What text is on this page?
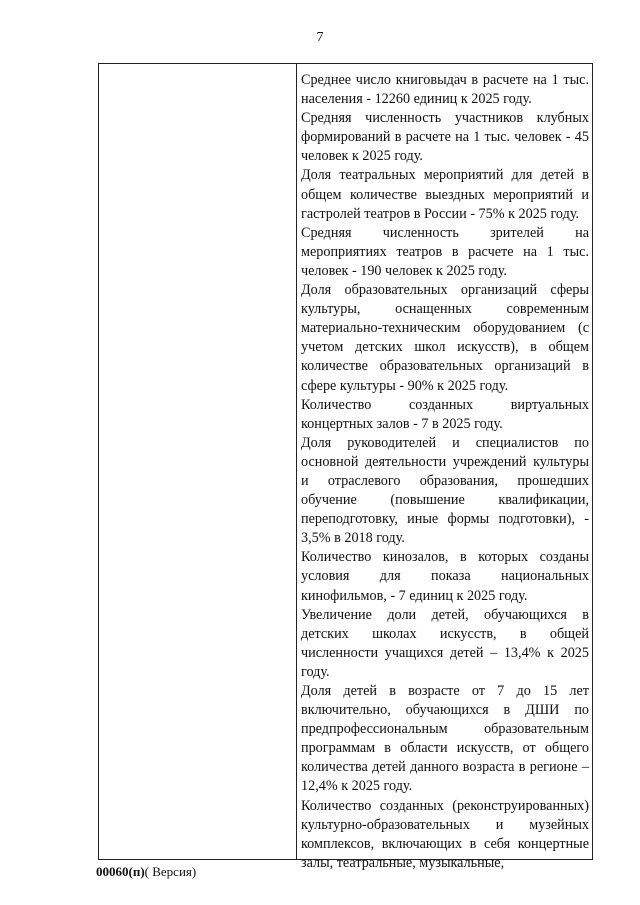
7

Среднее число книговыдач в расчете на 1 тыс. населения - 12260 единиц к 2025 году.

Средняя численность участников клубных формирований в расчете на 1 тыс. человек - 45 человек к 2025 году.

Доля театральных мероприятий для детей в общем количестве выездных мероприятий и гастролей театров в России - 75% к 2025 году.

Средняя численность зрителей на мероприятиях театров в расчете на 1 тыс. человек - 190 человек к 2025 году.

Доля образовательных организаций сферы культуры, оснащенных современным материально-техническим оборудованием (с учетом детских школ искусств), в общем количестве образовательных организаций в сфере культуры - 90% к 2025 году.

Количество созданных виртуальных концертных залов - 7 в 2025 году.

Доля руководителей и специалистов по основной деятельности учреждений культуры и отраслевого образования, прошедших обучение (повышение квалификации, переподготовку, иные формы подготовки), - 3,5% в 2018 году.

Количество кинозалов, в которых созданы условия для показа национальных кинофильмов, - 7 единиц к 2025 году.

Увеличение доли детей, обучающихся в детских школах искусств, в общей численности учащихся детей – 13,4% к 2025 году.

Доля детей в возрасте от 7 до 15 лет включительно, обучающихся в ДШИ по предпрофессиональным образовательным программам в области искусств, от общего количества детей данного возраста в регионе – 12,4% к 2025 году.

Количество созданных (реконструированных) культурно-образовательных и музейных комплексов, включающих в себя концертные залы, театральные, музыкальные,

00060(п)( Версия)
